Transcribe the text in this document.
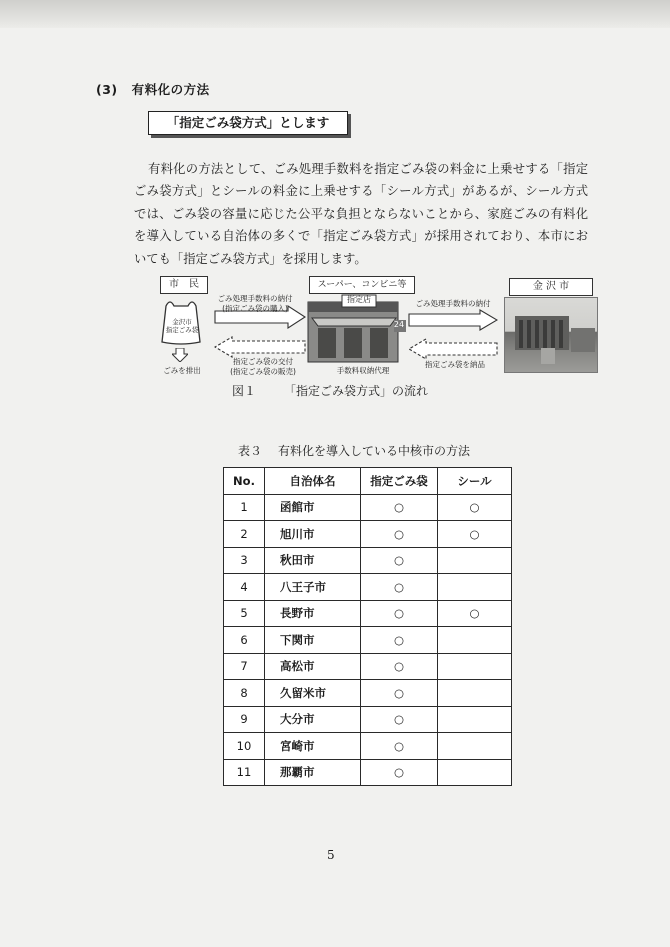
(3) 有料化の方法
「指定ごみ袋方式」とします
有料化の方法として、ごみ処理手数料を指定ごみ袋の料金に上乗せする「指定ごみ袋方式」とシールの料金に上乗せする「シール方式」があるが、シール方式では、ごみ袋の容量に応じた公平な負担とならないことから、家庭ごみの有料化を導入している自治体の多くで「指定ごみ袋方式」が採用されており、本市においても「指定ごみ袋方式」を採用します。
市　民	スーパー、コンビニ等	金 沢 市
金沢市
指定ごみ袋
ごみを排出
ごみ処理手数料の納付
(指定ごみ袋の購入)
指定ごみ袋の交付
(指定ごみ袋の販売)
指定店
24
手数料収納代理
ごみ処理手数料の納付
指定ごみ袋を納品
図１ 「指定ごみ袋方式」の流れ
表３ 有料化を導入している中核市の方法
No.	自治体名	指定ごみ袋	シール
1	函館市	○	○
2	旭川市	○	○
3	秋田市	○	
4	八王子市	○	
5	長野市	○	○
6	下関市	○	
7	高松市	○	
8	久留米市	○	
9	大分市	○	
10	宮崎市	○	
11	那覇市	○	
5
